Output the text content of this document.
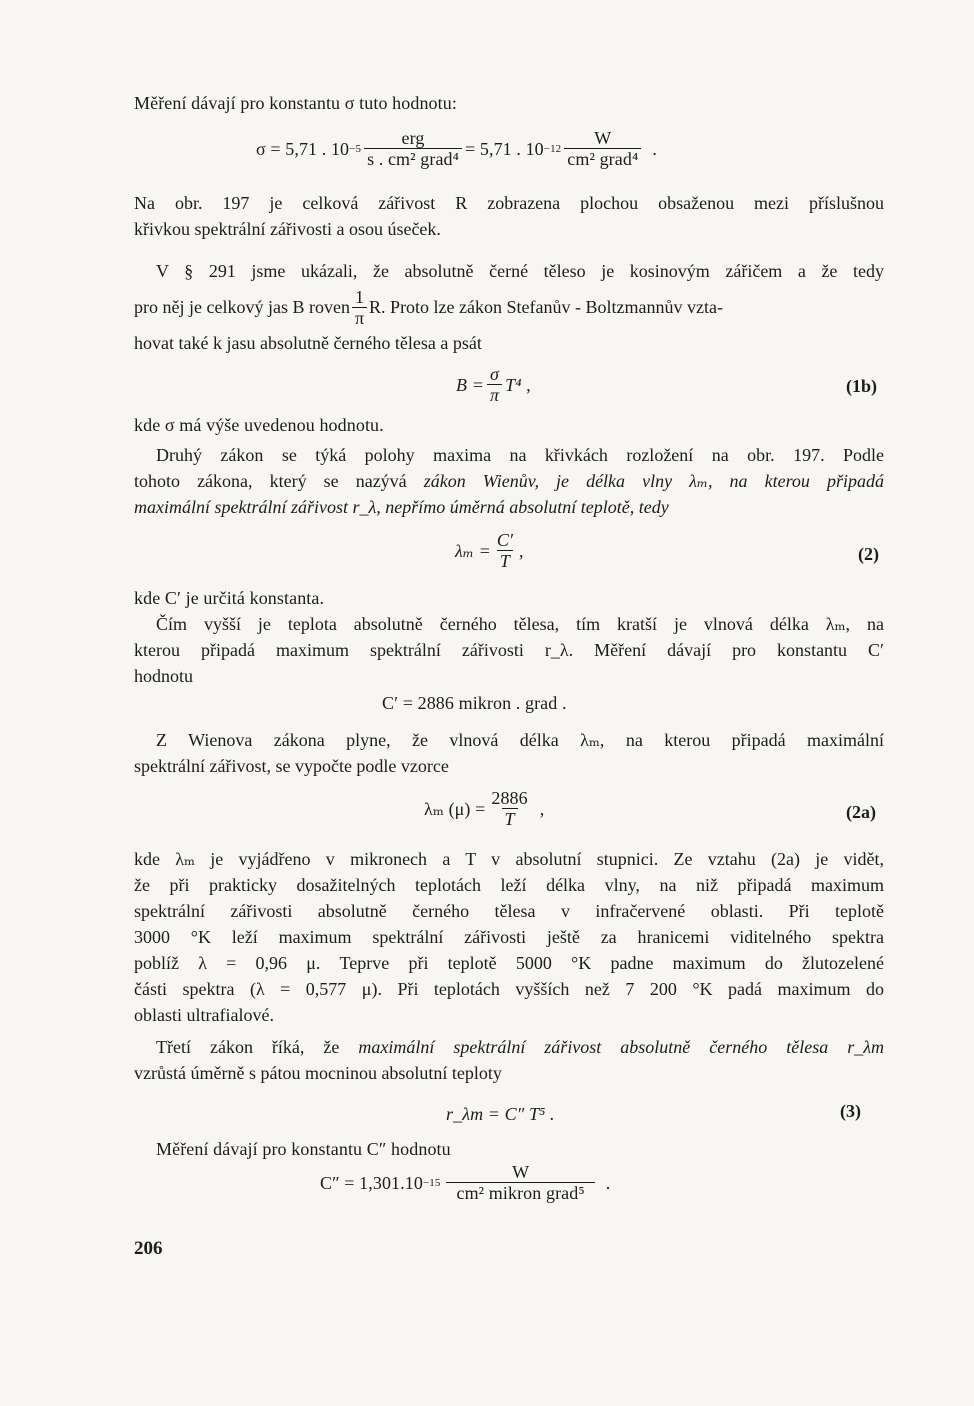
Měření dávají pro konstantu σ tuto hodnotu:
σ = 5,71 . $10 -5 \frac{\text{erg}}{\text{s . cm² grad⁴}} = 5,71$ . $10 -12 \frac{W}{\text{cm² grad⁴}}$ .
Na obr. 197 je celková zářivost R zobrazena plochou obsaženou mezi příslušnou
křivkou spektrální zářivosti a osou úseček.
V § 291 jsme ukázali, že absolutně černé těleso je kosinovým zářičem a že tedy
pro něj je celkový jas B roven $\frac{1}{\pi} R$. Proto lze zákon Stefanův - Boltzmannův vzta-
hovat také k jasu absolutně černého tělesa a psát
$B = \frac{\sigma}{\pi} T^4$ ,	(1b)
kde σ má výše uvedenou hodnotu.
Druhý zákon se týká polohy maxima na křivkách rozložení na obr. 197. Podle
tohoto zákona, který se nazývá zákon Wienův, je délka vlny λₘ, na kterou připadá
maximální spektrální zářivost r_λ, nepřímo úměrná absolutní teplotě, tedy
$\lambda_m = \frac{C'}{T}$ ,	(2)
kde C′ je určitá konstanta.
Čím vyšší je teplota absolutně černého tělesa, tím kratší je vlnová délka λₘ, na
kterou připadá maximum spektrální zářivosti r_λ. Měření dávají pro konstantu C′
hodnotu
C′ = 2886 mikron . grad .
Z Wienova zákona plyne, že vlnová délka λₘ, na kterou připadá maximální
spektrální zářivost, se vypočte podle vzorce
λₘ $(\mu) = \frac{2886}{T}$ ,	(2a)
kde λₘ je vyjádřeno v mikronech a T v absolutní stupnici. Ze vztahu (2a) je vidět,
že při prakticky dosažitelných teplotách leží délka vlny, na niž připadá maximum
spektrální zářivosti absolutně černého tělesa v infračervené oblasti. Při teplotě
3000 °K leží maximum spektrální zářivosti ještě za hranicemi viditelného spektra
poblíž λ = 0,96 μ. Teprve při teplotě 5000 °K padne maximum do žlutozelené
části spektra (λ = 0,577 μ). Při teplotách vyšších než 7 200 °K padá maximum do
oblasti ultrafialové.
Třetí zákon říká, že maximální spektrální zářivost absolutně černého tělesa r_λm
vzrůstá úměrně s pátou mocninou absolutní teploty
r_λm = C″ T⁵ .	(3)
Měření dávají pro konstantu C″ hodnotu
$C'' = 1,301.10 -15 \frac{W}{\text{cm² mikron grad⁵}}$ .
206
